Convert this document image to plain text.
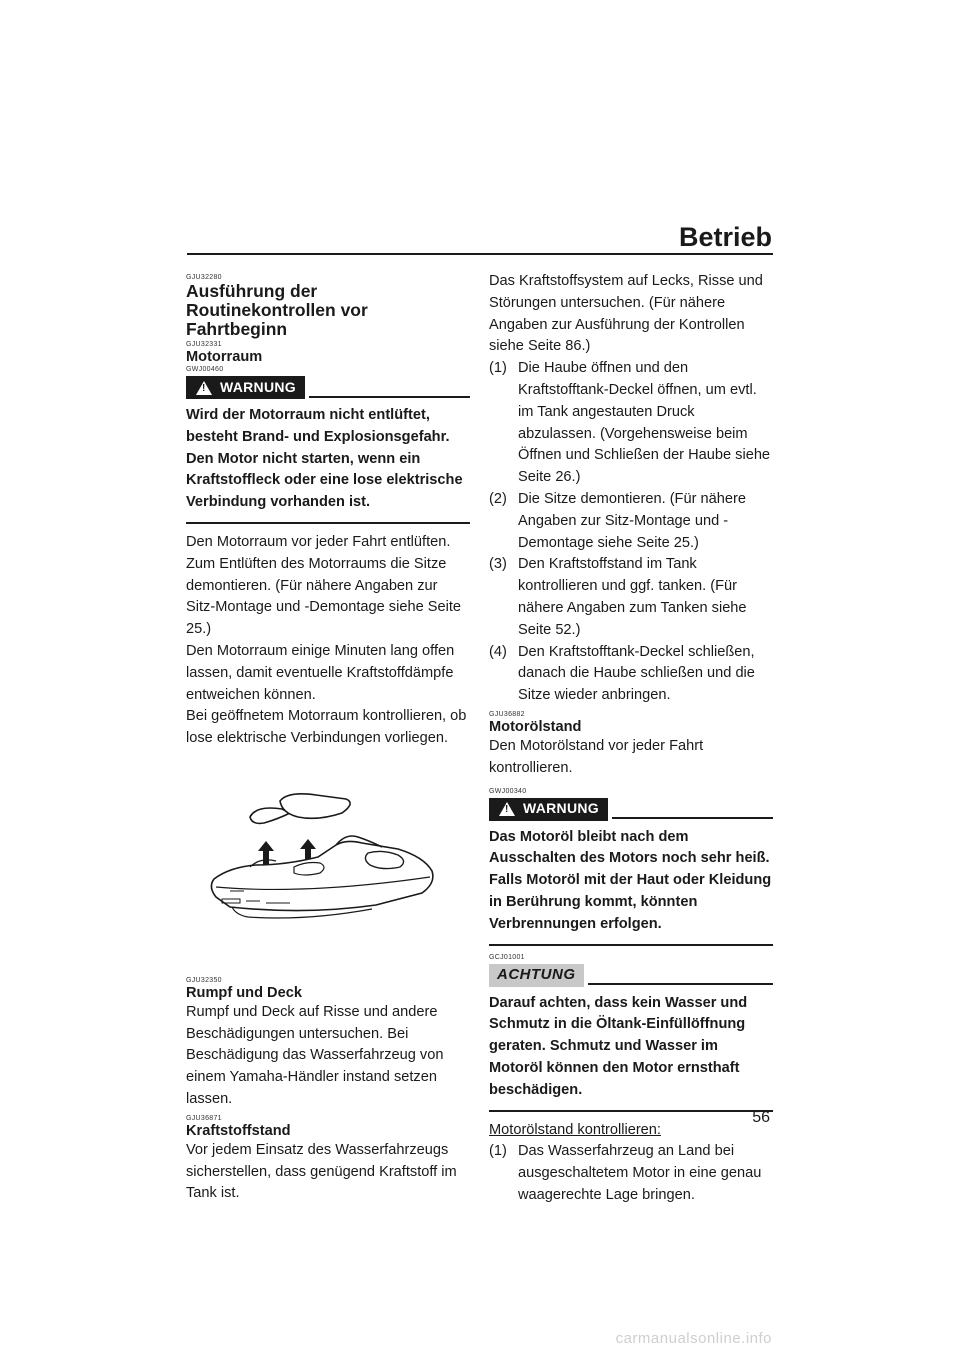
Betrieb
GJU32280
Ausführung der Routinekontrollen vor Fahrtbeginn
GJU32331
Motorraum
GWJ00460
! WARNUNG

Wird der Motorraum nicht entlüftet, besteht Brand- und Explosionsgefahr. Den Motor nicht starten, wenn ein Kraftstoffleck oder eine lose elektrische Verbindung vorhanden ist.

Den Motorraum vor jeder Fahrt entlüften. Zum Entlüften des Motorraums die Sitze demontieren. (Für nähere Angaben zur Sitz-Montage und -Demontage siehe Seite 25.)

Den Motorraum einige Minuten lang offen lassen, damit eventuelle Kraftstoffdämpfe entweichen können.

Bei geöffnetem Motorraum kontrollieren, ob lose elektrische Verbindungen vorliegen.

GJU32350
Rumpf und Deck

Rumpf und Deck auf Risse und andere Beschädigungen untersuchen. Bei Beschädigung das Wasserfahrzeug von einem Yamaha-Händler instand setzen lassen.

GJU36871
Kraftstoffstand

Vor jedem Einsatz des Wasserfahrzeugs sicherstellen, dass genügend Kraftstoff im Tank ist.

Das Kraftstoffsystem auf Lecks, Risse und Störungen untersuchen. (Für nähere Angaben zur Ausführung der Kontrollen siehe Seite 86.)

(1) Die Haube öffnen und den Kraftstofftank-Deckel öffnen, um evtl. im Tank angestauten Druck abzulassen. (Vorgehensweise beim Öffnen und Schließen der Haube siehe Seite 26.)
(2) Die Sitze demontieren. (Für nähere Angaben zur Sitz-Montage und -Demontage siehe Seite 25.)
(3) Den Kraftstoffstand im Tank kontrollieren und ggf. tanken. (Für nähere Angaben zum Tanken siehe Seite 52.)
(4) Den Kraftstofftank-Deckel schließen, danach die Haube schließen und die Sitze wieder anbringen.
GJU36882
Motorölstand

Den Motorölstand vor jeder Fahrt kontrollieren.

GWJ00340
! WARNUNG

Das Motoröl bleibt nach dem Ausschalten des Motors noch sehr heiß. Falls Motoröl mit der Haut oder Kleidung in Berührung kommt, könnten Verbrennungen erfolgen.

GCJ01001
ACHTUNG

Darauf achten, dass kein Wasser und Schmutz in die Öltank-Einfüllöffnung geraten. Schmutz und Wasser im Motoröl können den Motor ernsthaft beschädigen.

Motorölstand kontrollieren:

(1) Das Wasserfahrzeug an Land bei ausgeschaltetem Motor in eine genau waagerechte Lage bringen.
56
carmanualsonline.info
